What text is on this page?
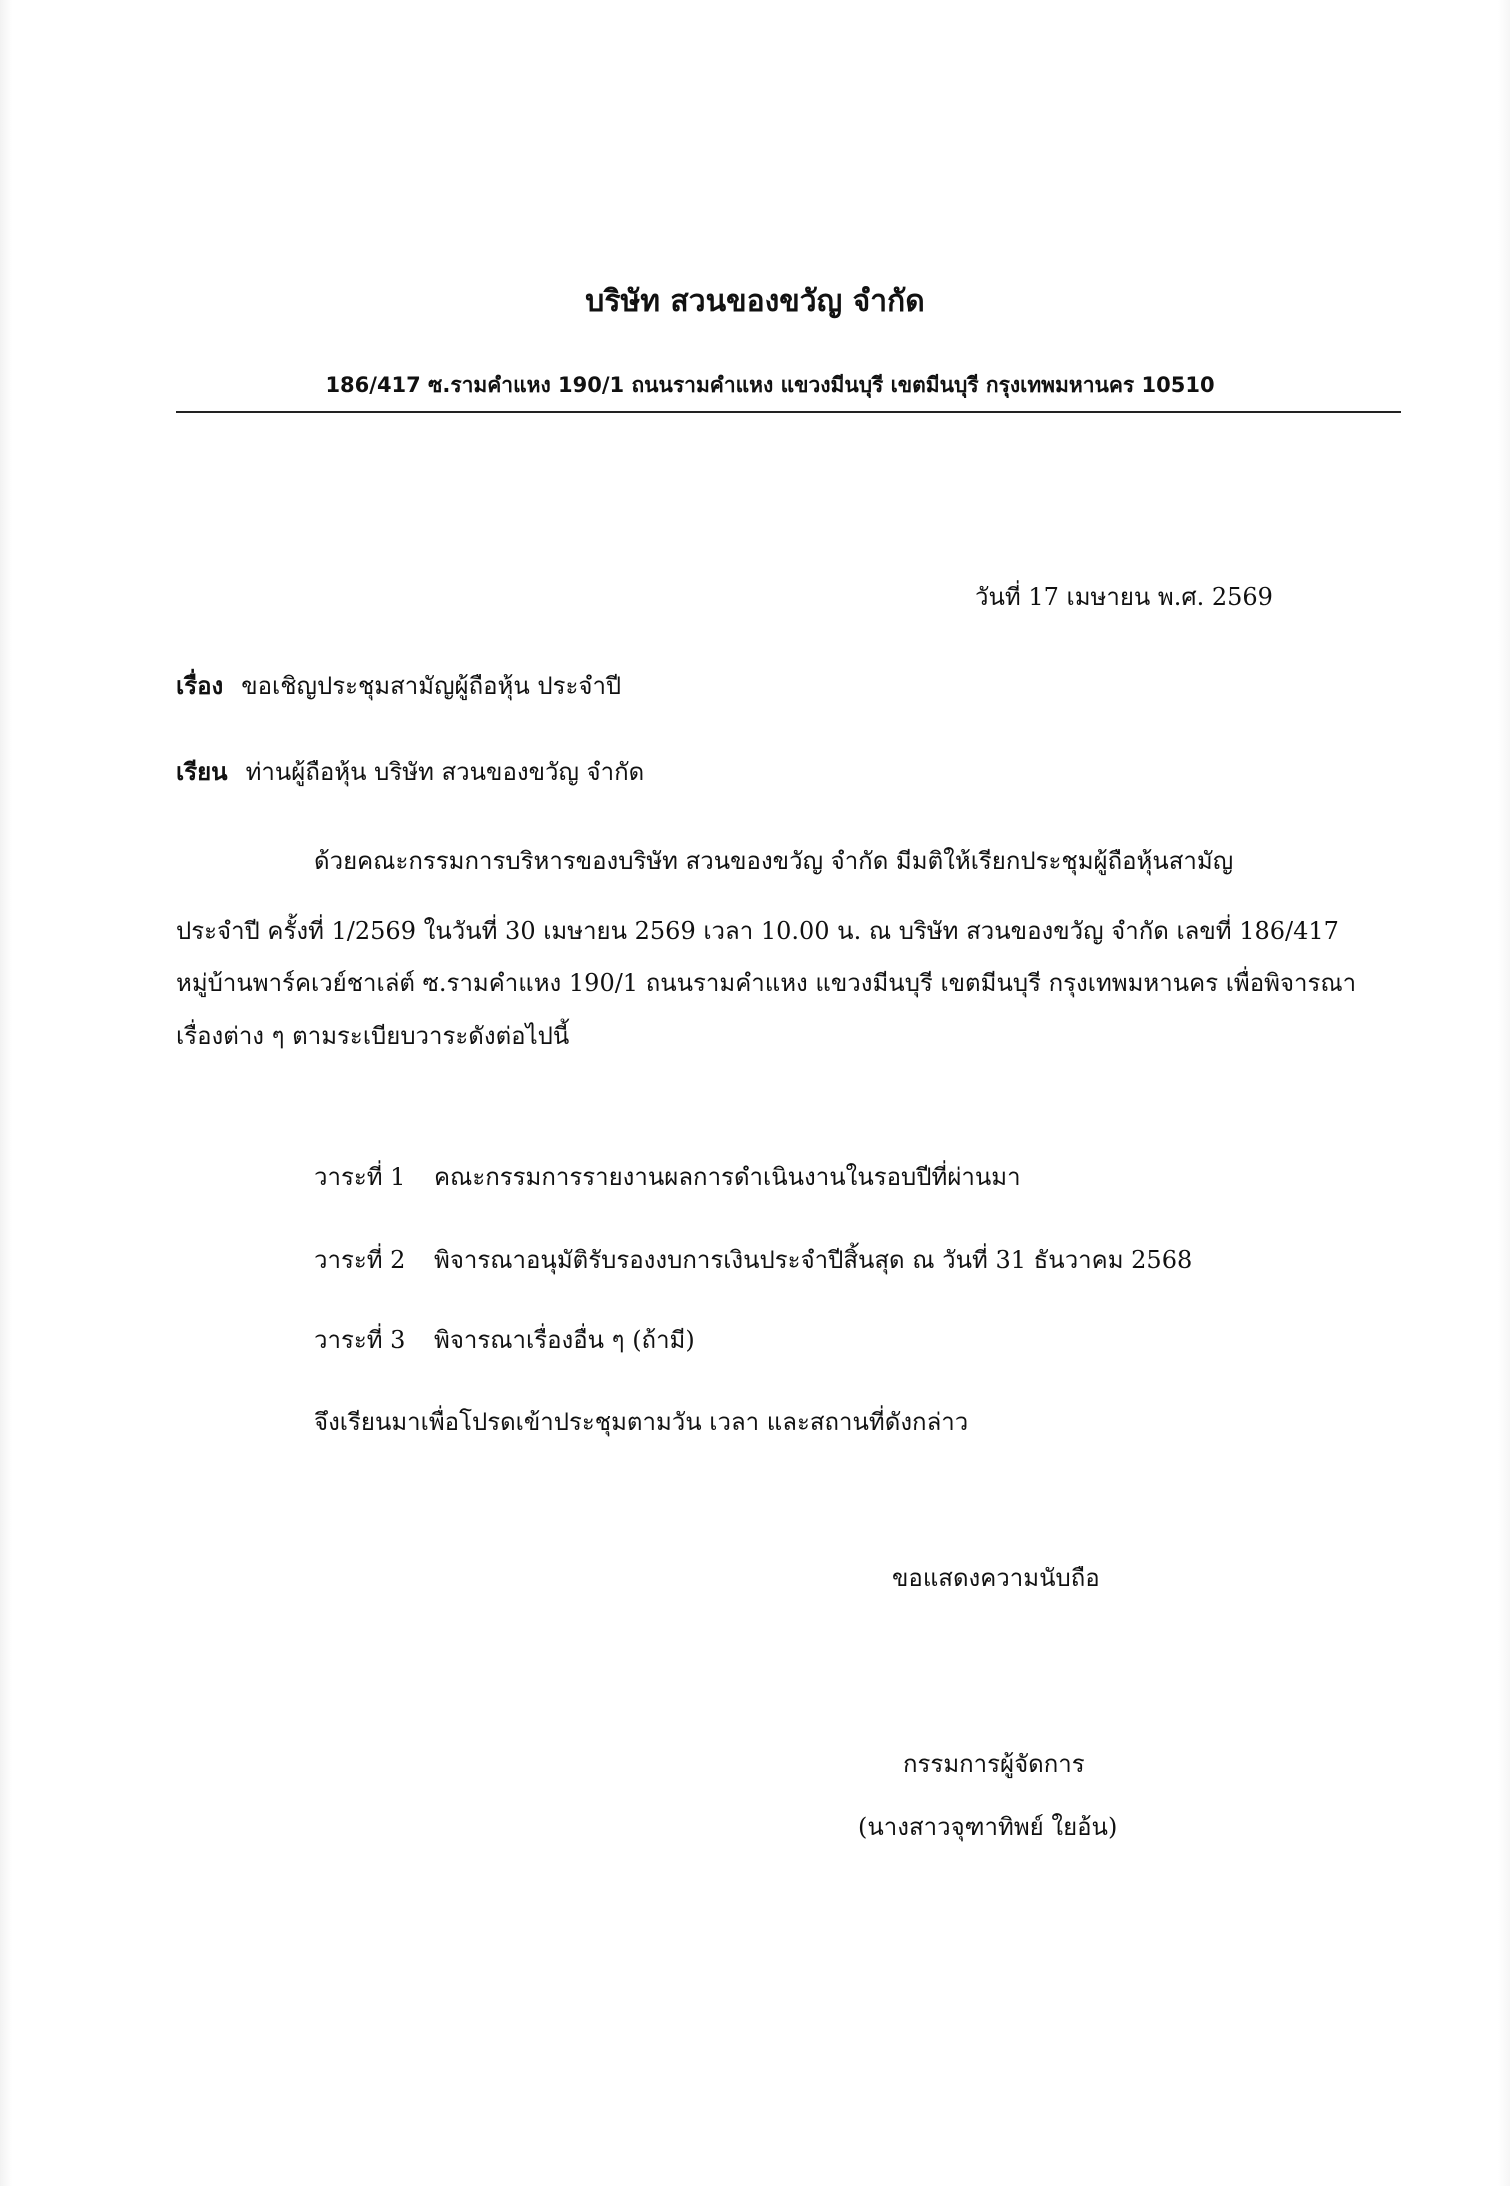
บริษัท สวนของขวัญ จำกัด
186/417 ซ.รามคำแหง 190/1 ถนนรามคำแหง แขวงมีนบุรี เขตมีนบุรี กรุงเทพมหานคร 10510
วันที่ 17 เมษายน พ.ศ. 2569
เรื่อง ขอเชิญประชุมสามัญผู้ถือหุ้น ประจำปี
เรียน ท่านผู้ถือหุ้น บริษัท สวนของขวัญ จำกัด
ด้วยคณะกรรมการบริหารของบริษัท สวนของขวัญ จำกัด มีมติให้เรียกประชุมผู้ถือหุ้นสามัญ
ประจำปี ครั้งที่ 1/2569 ในวันที่ 30 เมษายน 2569 เวลา 10.00 น. ณ บริษัท สวนของขวัญ จำกัด เลขที่ 186/417
หมู่บ้านพาร์คเวย์ชาเล่ต์ ซ.รามคำแหง 190/1 ถนนรามคำแหง แขวงมีนบุรี เขตมีนบุรี กรุงเทพมหานคร เพื่อพิจารณา
เรื่องต่าง ๆ ตามระเบียบวาระดังต่อไปนี้
วาระที่ 1 คณะกรรมการรายงานผลการดำเนินงานในรอบปีที่ผ่านมา
วาระที่ 2 พิจารณาอนุมัติรับรองงบการเงินประจำปีสิ้นสุด ณ วันที่ 31 ธันวาคม 2568
วาระที่ 3 พิจารณาเรื่องอื่น ๆ (ถ้ามี)
จึงเรียนมาเพื่อโปรดเข้าประชุมตามวัน เวลา และสถานที่ดังกล่าว
ขอแสดงความนับถือ
กรรมการผู้จัดการ
(นางสาวจุฑาทิพย์ ใยอ้น)
